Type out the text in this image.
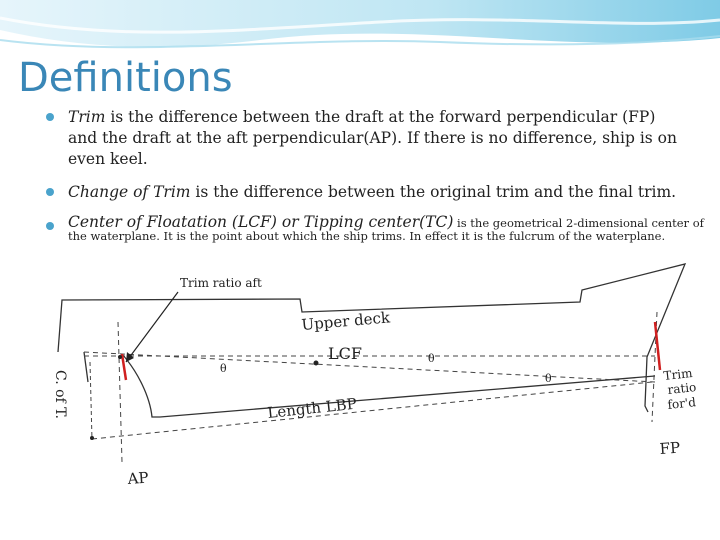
Definitions
Trim is the difference between the draft at the forward perpendicular (FP) and the draft at the aft perpendicular(AP). If there is no difference, ship is on even keel.
Change of Trim is the difference between the original trim and the final trim.
Center of Floatation (LCF) or Tipping center(TC) is the geometrical 2-dimensional center of the waterplane. It is the point about which the ship trims. In effect it is the fulcrum of the waterplane.
Trim ratio aft
Upper deck
LCF
θ
θ
θ
Length LBP
C. of T.
AP
FP
Trim
ratio
for'd
